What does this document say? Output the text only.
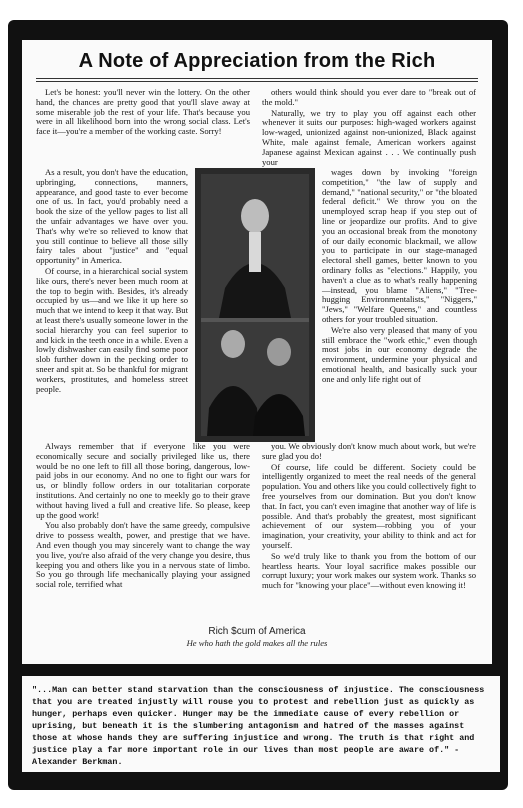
A Note of Appreciation from the Rich

Let's be honest: you'll never win the lottery. On the other hand, the chances are pretty good that you'll slave away at some miserable job the rest of your life. That's because you were in all likelihood born into the wrong social class. Let's face it—you're a member of the working caste. Sorry!

As a result, you don't have the education, upbringing, connections, manners, appearance, and good taste to ever become one of us. In fact, you'd probably need a book the size of the yellow pages to list all the unfair advantages we have over you. That's why we're so relieved to know that you still continue to believe all those silly fairy tales about "justice" and "equal opportunity" in America.

Of course, in a hierarchical social system like ours, there's never been much room at the top to begin with. Besides, it's already occupied by us—and we like it up here so much that we intend to keep it that way. But at least there's usually someone lower in the social hierarchy you can feel superior to and kick in the teeth once in a while. Even a lowly dishwasher can easily find some poor slob further down in the pecking order to sneer and spit at. So be thankful for migrant workers, prostitutes, and homeless street people.

Always remember that if everyone like you were economically secure and socially privileged like us, there would be no one left to fill all those boring, dangerous, low-paid jobs in our economy. And no one to fight our wars for us, or blindly follow orders in our totalitarian corporate institutions. And certainly no one to meekly go to their grave without having lived a full and creative life. So please, keep up the good work!

You also probably don't have the same greedy, compulsive drive to possess wealth, power, and prestige that we have. And even though you may sincerely want to change the way you live, you're also afraid of the very change you desire, thus keeping you and others like you in a nervous state of limbo. So you go through life mechanically playing your assigned social role, terrified what

others would think should you ever dare to "break out of the mold."

Naturally, we try to play you off against each other whenever it suits our purposes: high-waged workers against low-waged, unionized against non-unionized, Black against White, male against female, American workers against Japanese against Mexican against . . . We continually push your

wages down by invoking "foreign competition," "the law of supply and demand," "national security," or "the bloated federal deficit." We throw you on the unemployed scrap heap if you step out of line or jeopardize our profits. And to give you an occasional break from the monotony of our daily economic blackmail, we allow you to participate in our stage-managed electoral shell games, better known to you ordinary folks as "elections." Happily, you haven't a clue as to what's really happening—instead, you blame "Aliens," "Tree-hugging Environmentalists," "Niggers," "Jews," "Welfare Queens," and countless others for your troubled situation.

We're also very pleased that many of you still embrace the "work ethic," even though most jobs in our economy degrade the environment, undermine your physical and emotional health, and basically suck your one and only life right out of

you. We obviously don't know much about work, but we're sure glad you do!

Of course, life could be different. Society could be intelligently organized to meet the real needs of the general population. You and others like you could collectively fight to free yourselves from our domination. But you don't know that. In fact, you can't even imagine that another way of life is possible. And that's probably the greatest, most significant achievement of our system—robbing you of your imagination, your creativity, your ability to think and act for yourself.

So we'd truly like to thank you from the bottom of our heartless hearts. Your loyal sacrifice makes possible our corrupt luxury; your work makes our system work. Thanks so much for "knowing your place"—without even knowing it!

Rich $cum of America
He who hath the gold makes all the rules
"...Man can better stand starvation than the consciousness of injustice. The consciousness that you are treated injustly will rouse you to protest and rebellion just as quickly as hunger, perhaps even quicker. Hunger may be the immediate cause of every rebellion or uprising, but beneath it is the slumbering antagonism and hatred of the masses against those at whose hands they are suffering injustice and wrong. The truth is that right and justice play a far more important role in our lives than most people are aware of." - Alexander Berkman.
